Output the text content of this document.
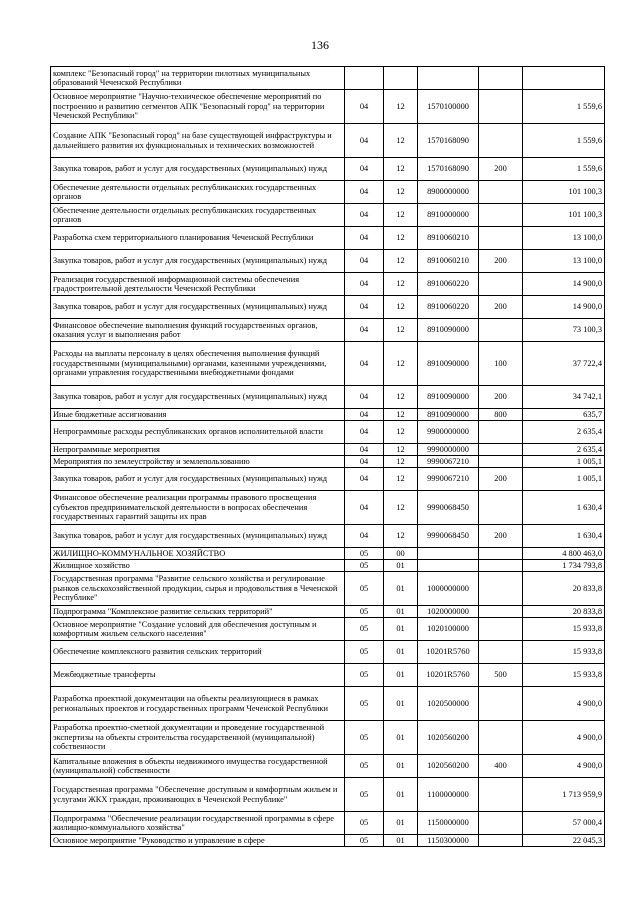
136
комплекс "Безопасный город" на территории пилотных муниципальных образований Чеченской Республики					
Основное мероприятие "Научно-техническое обеспечение мероприятий по построению и развитию сегментов АПК "Безопасный город" на территории Чеченской Республики"	04	12	1570100000		1 559,6
Создание АПК "Безопасный город" на базе существующей инфраструктуры и дальнейшего развития их функциональных и технических возможностей	04	12	1570168090		1 559,6
Закупка товаров, работ и услуг для государственных (муниципальных) нужд	04	12	1570168090	200	1 559,6
Обеспечение деятельности отдельных республиканских государственных органов	04	12	8900000000		101 100,3
Обеспечение деятельности отдельных республиканских государственных органов	04	12	8910000000		101 100,3
Разработка схем территориального планирования Чеченской Республики	04	12	8910060210		13 100,0
Закупка товаров, работ и услуг для государственных (муниципальных) нужд	04	12	8910060210	200	13 100,0
Реализация государственной информационной системы обеспечения градостроительной деятельности Чеченской Республики	04	12	8910060220		14 900,0
Закупка товаров, работ и услуг для государственных (муниципальных) нужд	04	12	8910060220	200	14 900,0
Финансовое обеспечение выполнения функций государственных органов, оказания услуг и выполнения работ	04	12	8910090000		73 100,3
Расходы на выплаты персоналу в целях обеспечения выполнения функций государственными (муниципальными) органами, казенными учреждениями, органами управления государственными внебюджетными фондами	04	12	8910090000	100	37 722,4
Закупка товаров, работ и услуг для государственных (муниципальных) нужд	04	12	8910090000	200	34 742,1
Иные бюджетные ассигнования	04	12	8910090000	800	635,7
Непрограммные расходы республиканских органов исполнительной власти	04	12	9900000000		2 635,4
Непрограммные мероприятия	04	12	9990000000		2 635,4
Мероприятия по землеустройству и землепользованию	04	12	9990067210		1 005,1
Закупка товаров, работ и услуг для государственных (муниципальных) нужд	04	12	9990067210	200	1 005,1
Финансовое обеспечение реализации программы правового просвещения субъектов предпринимательской деятельности в вопросах обеспечения государственных гарантий защиты их прав	04	12	9990068450		1 630,4
Закупка товаров, работ и услуг для государственных (муниципальных) нужд	04	12	9990068450	200	1 630,4
ЖИЛИЩНО-КОММУНАЛЬНОЕ ХОЗЯЙСТВО	05	00			4 800 463,0
Жилищное хозяйство	05	01			1 734 793,8
Государственная программа "Развитие сельского хозяйства и регулирование рынков сельскохозяйственной продукции, сырья и продовольствия в Чеченской Республике"	05	01	1000000000		20 833,8
Подпрограмма "Комплексное развитие сельских территорий"	05	01	1020000000		20 833,8
Основное мероприятие "Создание условий для обеспечения доступным и комфортным жильем сельского населения"	05	01	1020100000		15 933,8
Обеспечение комплексного развития сельских территорий	05	01	10201R5760		15 933,8
Межбюджетные трансферты	05	01	10201R5760	500	15 933,8
Разработка проектной документации на объекты реализующиеся в рамках региональных проектов и государственных программ Чеченской Республики	05	01	1020500000		4 900,0
Разработка проектно-сметной документации и проведение государственной экспертизы на объекты строительства государственной (муниципальной) собственности	05	01	1020560200		4 900,0
Капитальные вложения в объекты недвижимого имущества государственной (муниципальной) собственности	05	01	1020560200	400	4 900,0
Государственная программа "Обеспечение доступным и комфортным жильем и услугами ЖКХ граждан, проживающих в Чеченской Республике"	05	01	1100000000		1 713 959,9
Подпрограмма "Обеспечение реализации государственной программы в сфере жилищно-коммунального хозяйства"	05	01	1150000000		57 000,4
Основное мероприятие "Руководство и управление в сфере	05	01	1150300000		22 045,3
